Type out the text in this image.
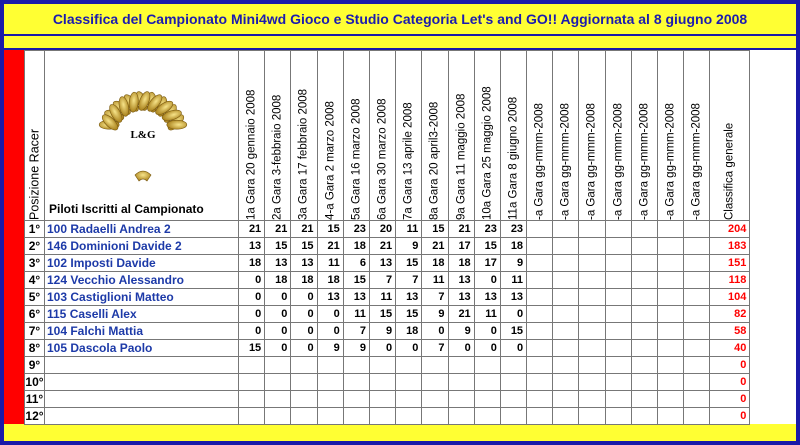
Classifica del Campionato Mini4wd Gioco e Studio Categoria Let's and GO!! Aggiornata al 8 giugno 2008
Posizione Racer	L&G
Piloti Iscritti al Campionato	1a Gara 20 gennaio 2008	2a Gara 3-febbraio 2008	3a Gara 17 febbraio 2008	4-a Gara 2 marzo 2008	5a Gara 16 marzo 2008	6a Gara 30 marzo 2008	7a Gara 13 aprile 2008	8a Gara 20 april3-2008	9a Gara 11 maggio 2008	10a Gara 25 maggio 2008	11a Gara 8 giugno 2008	-a Gara gg-mmm-2008	-a Gara gg-mmm-2008	-a Gara gg-mmm-2008	-a Gara gg-mmm-2008	-a Gara gg-mmm-2008	-a Gara gg-mmm-2008	-a Gara gg-mmm-2008	Classifica generale

1°	100 Radaelli Andrea 2	21	21	21	15	23	20	11	15	21	23	23								204
2°	146 Dominioni Davide 2	13	15	15	21	18	21	9	21	17	15	18								183
3°	102 Imposti Davide	18	13	13	11	6	13	15	18	18	17	9								151
4°	124 Vecchio Alessandro	0	18	18	18	15	7	7	11	13	0	11								118
5°	103 Castiglioni Matteo	0	0	0	13	13	11	13	7	13	13	13								104
6°	115 Caselli Alex	0	0	0	0	11	15	15	9	21	11	0								82
7°	104 Falchi Mattia	0	0	0	0	7	9	18	0	9	0	15								58
8°	105 Dascola Paolo	15	0	0	9	9	0	0	7	0	0	0								40
9°																				0
10°																				0
11°																				0
12°																				0
